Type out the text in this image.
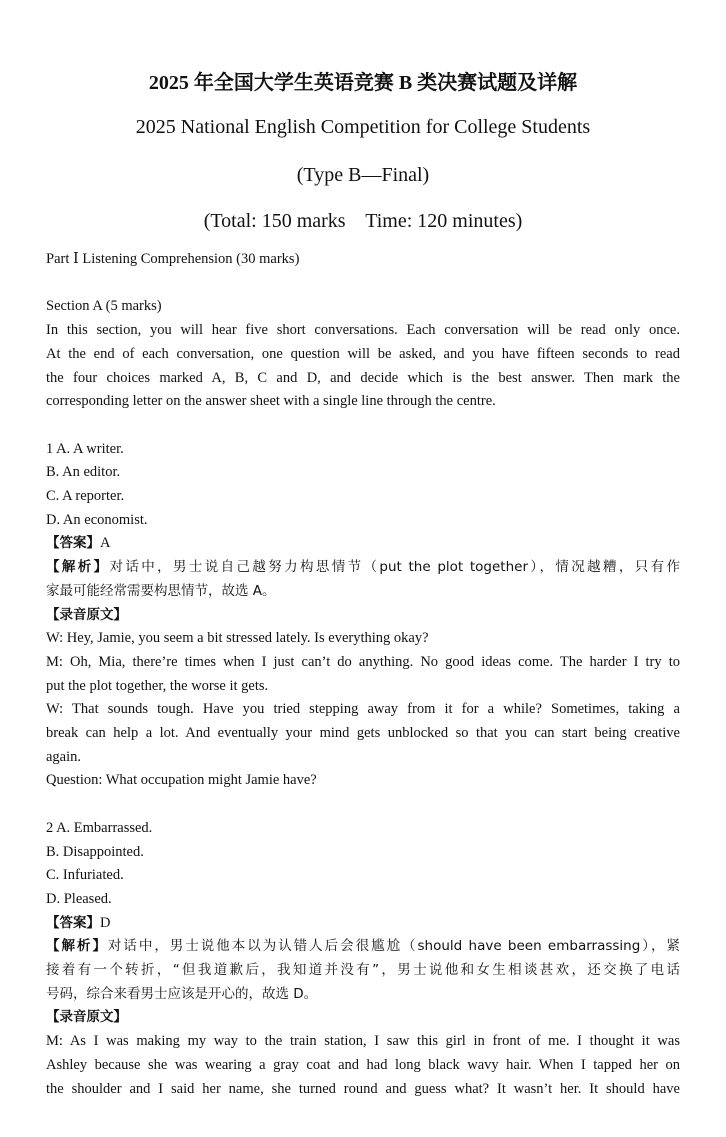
2025 年全国大学生英语竞赛 B 类决赛试题及详解
2025 National English Competition for College Students
(Type B—Final)
(Total: 150 marks Time: 120 minutes)
Part Ⅰ Listening Comprehension (30 marks)
Section A (5 marks)
In this section, you will hear five short conversations. Each conversation will be read only once.
At the end of each conversation, one question will be asked, and you have fifteen seconds to read
the four choices marked A, B, C and D, and decide which is the best answer. Then mark the
corresponding letter on the answer sheet with a single line through the centre.
1 A. A writer.
B. An editor.
C. A reporter.
D. An economist.
【答案】A
【解析】对话中，男士说自己越努力构思情节（put the plot together），情况越糟，只有作
家最可能经常需要构思情节，故选 A。
【录音原文】
W: Hey, Jamie, you seem a bit stressed lately. Is everything okay?
M: Oh, Mia, there’re times when I just can’t do anything. No good ideas come. The harder I try to
put the plot together, the worse it gets.
W: That sounds tough. Have you tried stepping away from it for a while? Sometimes, taking a
break can help a lot. And eventually your mind gets unblocked so that you can start being creative
again.
Question: What occupation might Jamie have?
2 A. Embarrassed.
B. Disappointed.
C. Infuriated.
D. Pleased.
【答案】D
【解析】对话中，男士说他本以为认错人后会很尴尬（should have been embarrassing），紧
接着有一个转折，“但我道歉后，我知道并没有”，男士说他和女生相谈甚欢，还交换了电话
号码，综合来看男士应该是开心的，故选 D。
【录音原文】
M: As I was making my way to the train station, I saw this girl in front of me. I thought it was
Ashley because she was wearing a gray coat and had long black wavy hair. When I tapped her on
the shoulder and I said her name, she turned round and guess what? It wasn’t her. It should have
